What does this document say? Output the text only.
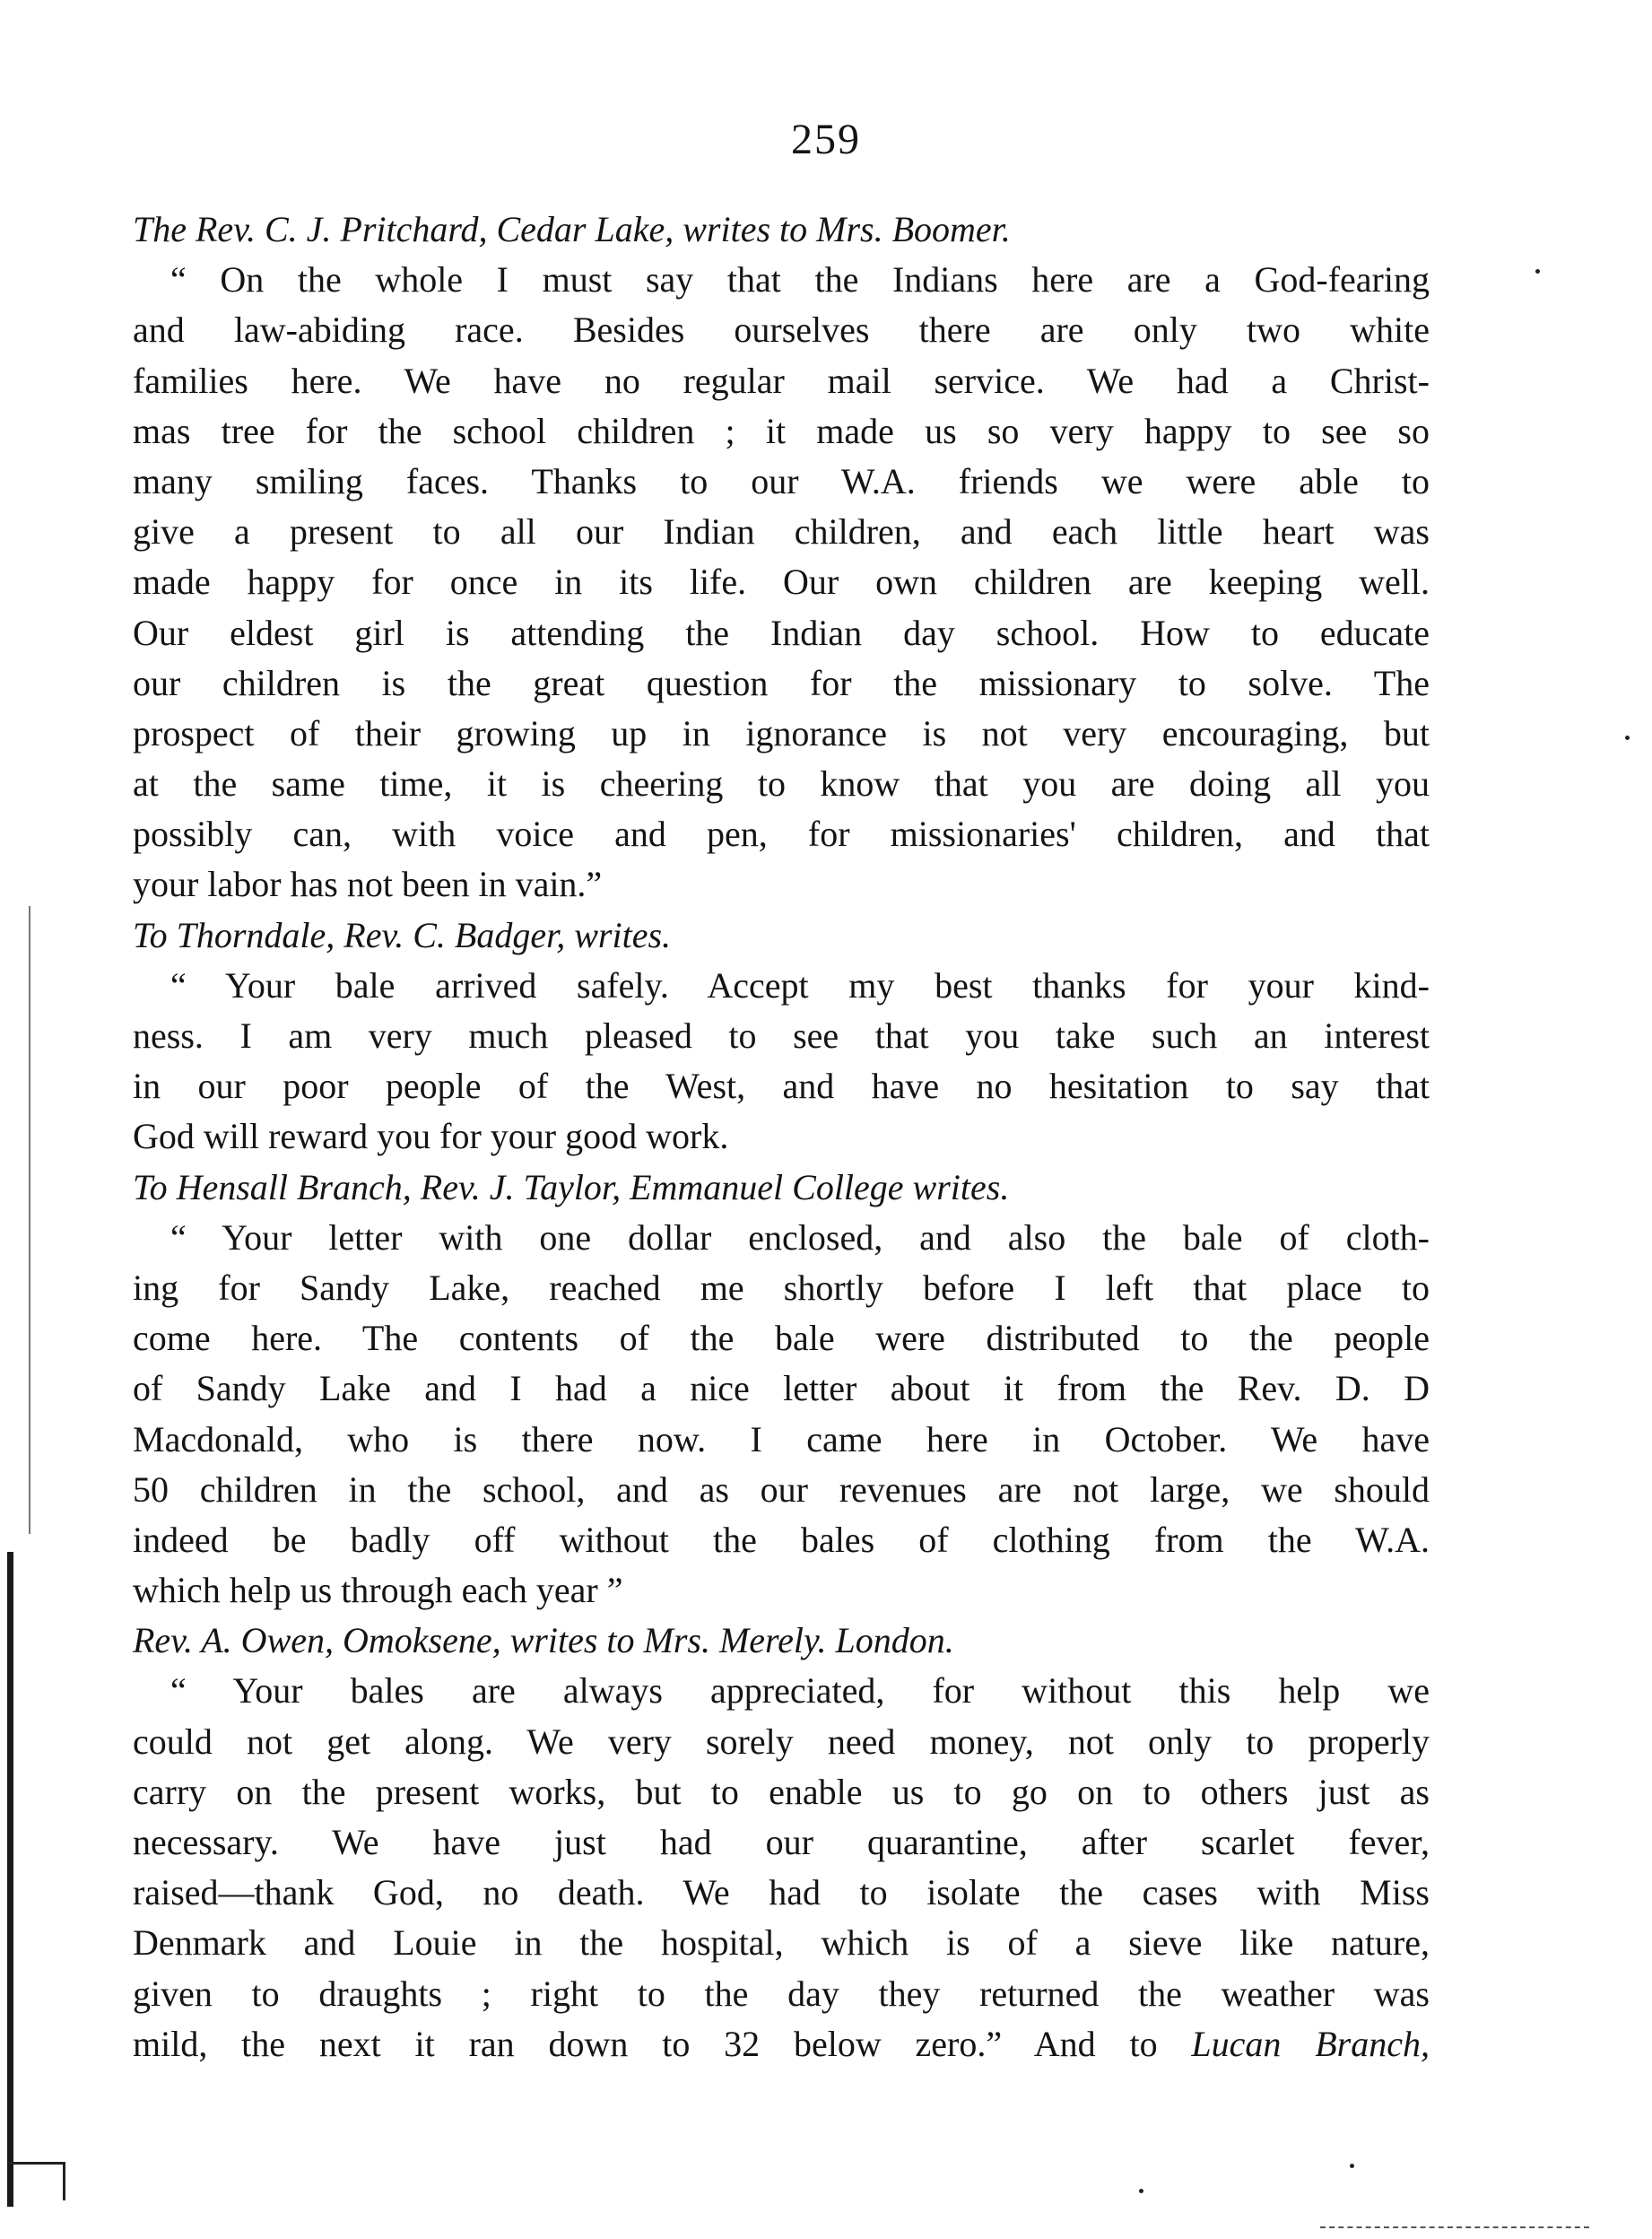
259
The Rev. C. J. Pritchard, Cedar Lake, writes to Mrs. Boomer.
“ On the whole I must say that the Indians here are a God-fearing
and law-abiding race. Besides ourselves there are only two white
families here. We have no regular mail service. We had a Christ-
mas tree for the school children ; it made us so very happy to see so
many smiling faces. Thanks to our W.A. friends we were able to
give a present to all our Indian children, and each little heart was
made happy for once in its life. Our own children are keeping well.
Our eldest girl is attending the Indian day school. How to educate
our children is the great question for the missionary to solve. The
prospect of their growing up in ignorance is not very encouraging, but
at the same time, it is cheering to know that you are doing all you
possibly can, with voice and pen, for missionaries' children, and that
your labor has not been in vain.”
To Thorndale, Rev. C. Badger, writes.
“ Your bale arrived safely. Accept my best thanks for your kind-
ness. I am very much pleased to see that you take such an interest
in our poor people of the West, and have no hesitation to say that
God will reward you for your good work.
To Hensall Branch, Rev. J. Taylor, Emmanuel College writes.
“ Your letter with one dollar enclosed, and also the bale of cloth-
ing for Sandy Lake, reached me shortly before I left that place to
come here. The contents of the bale were distributed to the people
of Sandy Lake and I had a nice letter about it from the Rev. D. D
Macdonald, who is there now. I came here in October. We have
50 children in the school, and as our revenues are not large, we should
indeed be badly off without the bales of clothing from the W.A.
which help us through each year ”
Rev. A. Owen, Omoksene, writes to Mrs. Merely. London.
“ Your bales are always appreciated, for without this help we
could not get along. We very sorely need money, not only to properly
carry on the present works, but to enable us to go on to others just as
necessary. We have just had our quarantine, after scarlet fever,
raised—thank God, no death. We had to isolate the cases with Miss
Denmark and Louie in the hospital, which is of a sieve like nature,
given to draughts ; right to the day they returned the weather was
mild, the next it ran down to 32 below zero.” And to Lucan Branch,
